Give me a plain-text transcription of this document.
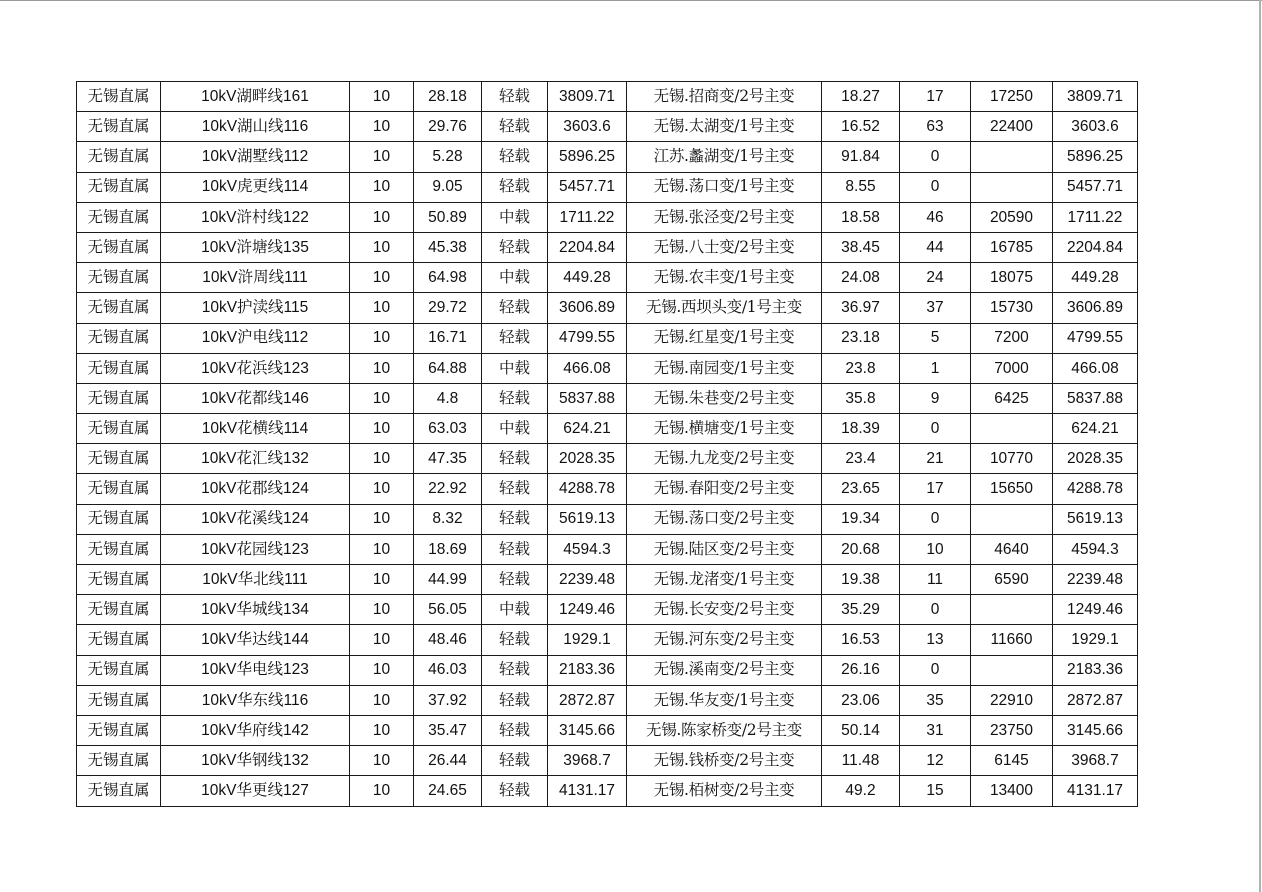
无锡直属	10kV湖畔线161	10	28.18	轻载	3809.71	无锡.招商变/2号主变	18.27	17	17250	3809.71
无锡直属	10kV湖山线116	10	29.76	轻载	3603.6	无锡.太湖变/1号主变	16.52	63	22400	3603.6
无锡直属	10kV湖墅线112	10	5.28	轻载	5896.25	江苏.蠡湖变/1号主变	91.84	0		5896.25
无锡直属	10kV虎更线114	10	9.05	轻载	5457.71	无锡.荡口变/1号主变	8.55	0		5457.71
无锡直属	10kV浒村线122	10	50.89	中载	1711.22	无锡.张泾变/2号主变	18.58	46	20590	1711.22
无锡直属	10kV浒塘线135	10	45.38	轻载	2204.84	无锡.八士变/2号主变	38.45	44	16785	2204.84
无锡直属	10kV浒周线111	10	64.98	中载	449.28	无锡.农丰变/1号主变	24.08	24	18075	449.28
无锡直属	10kV护渎线115	10	29.72	轻载	3606.89	无锡.西坝头变/1号主变	36.97	37	15730	3606.89
无锡直属	10kV沪电线112	10	16.71	轻载	4799.55	无锡.红星变/1号主变	23.18	5	7200	4799.55
无锡直属	10kV花浜线123	10	64.88	中载	466.08	无锡.南园变/1号主变	23.8	1	7000	466.08
无锡直属	10kV花都线146	10	4.8	轻载	5837.88	无锡.朱巷变/2号主变	35.8	9	6425	5837.88
无锡直属	10kV花横线114	10	63.03	中载	624.21	无锡.横塘变/1号主变	18.39	0		624.21
无锡直属	10kV花汇线132	10	47.35	轻载	2028.35	无锡.九龙变/2号主变	23.4	21	10770	2028.35
无锡直属	10kV花郡线124	10	22.92	轻载	4288.78	无锡.春阳变/2号主变	23.65	17	15650	4288.78
无锡直属	10kV花溪线124	10	8.32	轻载	5619.13	无锡.荡口变/2号主变	19.34	0		5619.13
无锡直属	10kV花园线123	10	18.69	轻载	4594.3	无锡.陆区变/2号主变	20.68	10	4640	4594.3
无锡直属	10kV华北线111	10	44.99	轻载	2239.48	无锡.龙渚变/1号主变	19.38	11	6590	2239.48
无锡直属	10kV华城线134	10	56.05	中载	1249.46	无锡.长安变/2号主变	35.29	0		1249.46
无锡直属	10kV华达线144	10	48.46	轻载	1929.1	无锡.河东变/2号主变	16.53	13	11660	1929.1
无锡直属	10kV华电线123	10	46.03	轻载	2183.36	无锡.溪南变/2号主变	26.16	0		2183.36
无锡直属	10kV华东线116	10	37.92	轻载	2872.87	无锡.华友变/1号主变	23.06	35	22910	2872.87
无锡直属	10kV华府线142	10	35.47	轻载	3145.66	无锡.陈家桥变/2号主变	50.14	31	23750	3145.66
无锡直属	10kV华钢线132	10	26.44	轻载	3968.7	无锡.钱桥变/2号主变	11.48	12	6145	3968.7
无锡直属	10kV华更线127	10	24.65	轻载	4131.17	无锡.栢树变/2号主变	49.2	15	13400	4131.17
